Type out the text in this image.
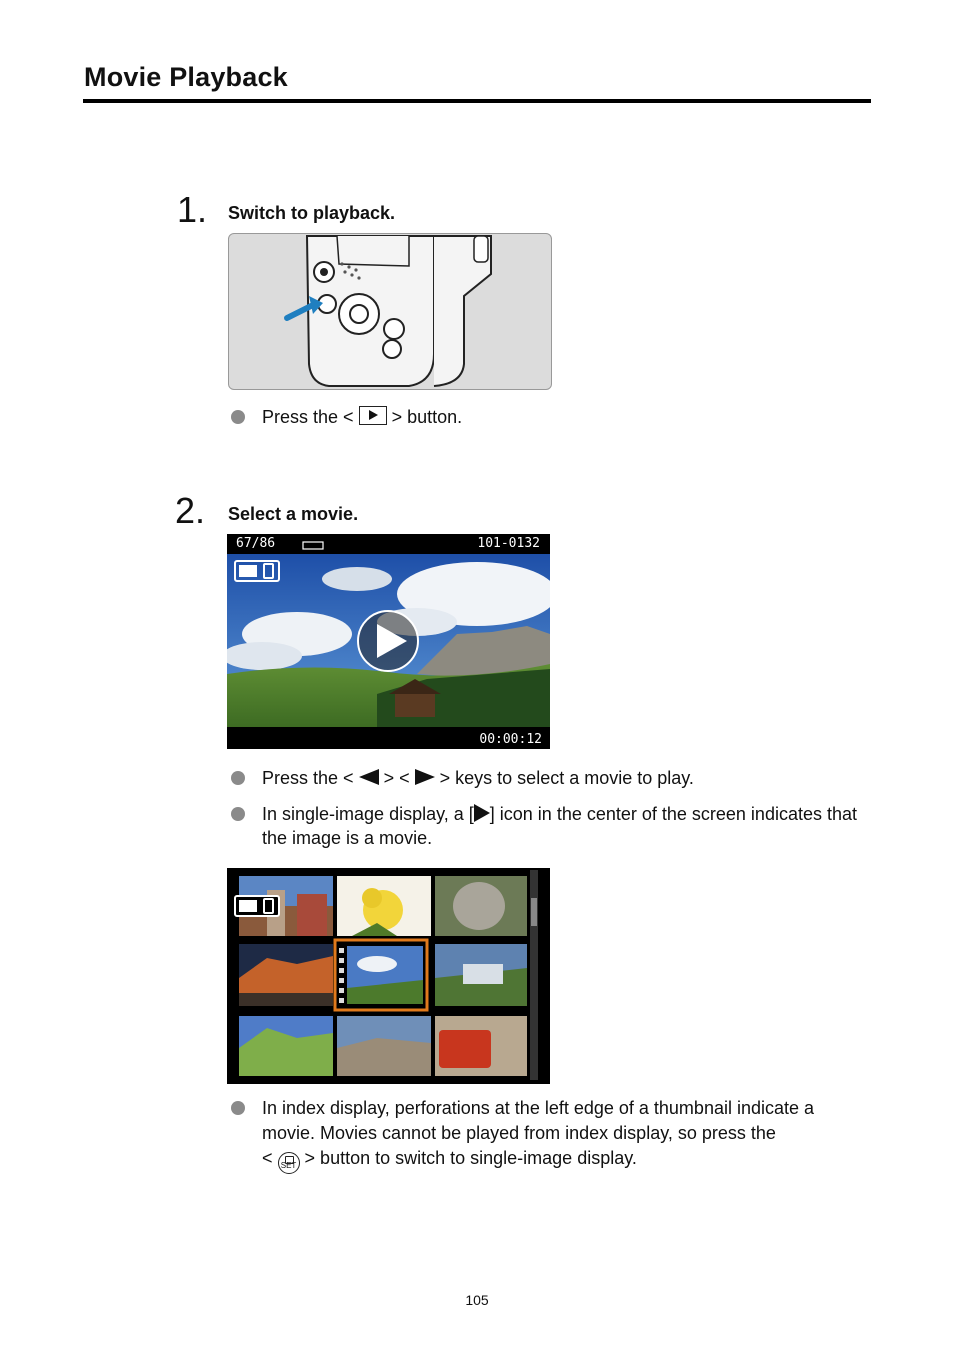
Movie Playback
1. Switch to playback.
Press the < > button.
2. Select a movie.
67/86	101-0132
00:00:12
Press the < > < > keys to select a movie to play.
In single-image display, a [ ] icon in the center of the screen indicates that the image is a movie.
In index display, perforations at the left edge of a thumbnail indicate a
movie. Movies cannot be played from index display, so press the
< SET > button to switch to single-image display.
105
